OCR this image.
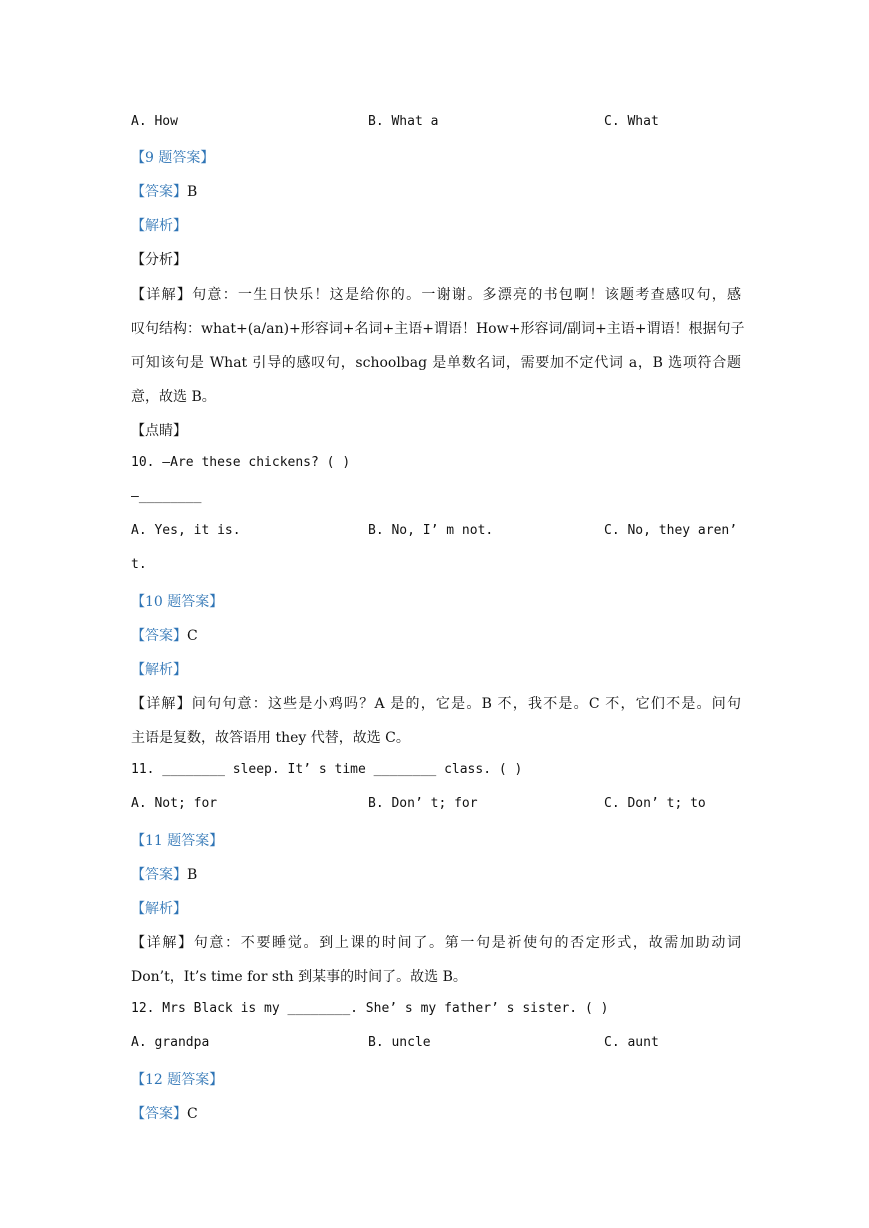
A. How	B. What a	C. What
【9 题答案】
【答案】B
【解析】
【分析】
【详解】句意：一生日快乐！这是给你的。一谢谢。多漂亮的书包啊！该题考查感叹句，感
叹句结构：what+(a/an)+形容词+名词+主语+谓语！How+形容词/副词+主语+谓语！根据句子
可知该句是 What 引导的感叹句，schoolbag 是单数名词，需要加不定代词 a，B 选项符合题
意，故选 B。
【点睛】
10. —Are these chickens? ( )
—________
A. Yes, it is.	B. No, I’ m not.	C. No, they aren’
t.
【10 题答案】
【答案】C
【解析】
【详解】问句句意：这些是小鸡吗？A 是的，它是。B 不，我不是。C 不，它们不是。问句
主语是复数，故答语用 they 代替，故选 C。
11. ________ sleep. It’ s time ________ class. ( )
A. Not; for	B. Don’ t; for	C. Don’ t; to
【11 题答案】
【答案】B
【解析】
【详解】句意：不要睡觉。到上课的时间了。第一句是祈使句的否定形式，故需加助动词
Don’t，It’s time for sth 到某事的时间了。故选 B。
12. Mrs Black is my ________. She’ s my father’ s sister. ( )
A. grandpa	B. uncle	C. aunt
【12 题答案】
【答案】C
